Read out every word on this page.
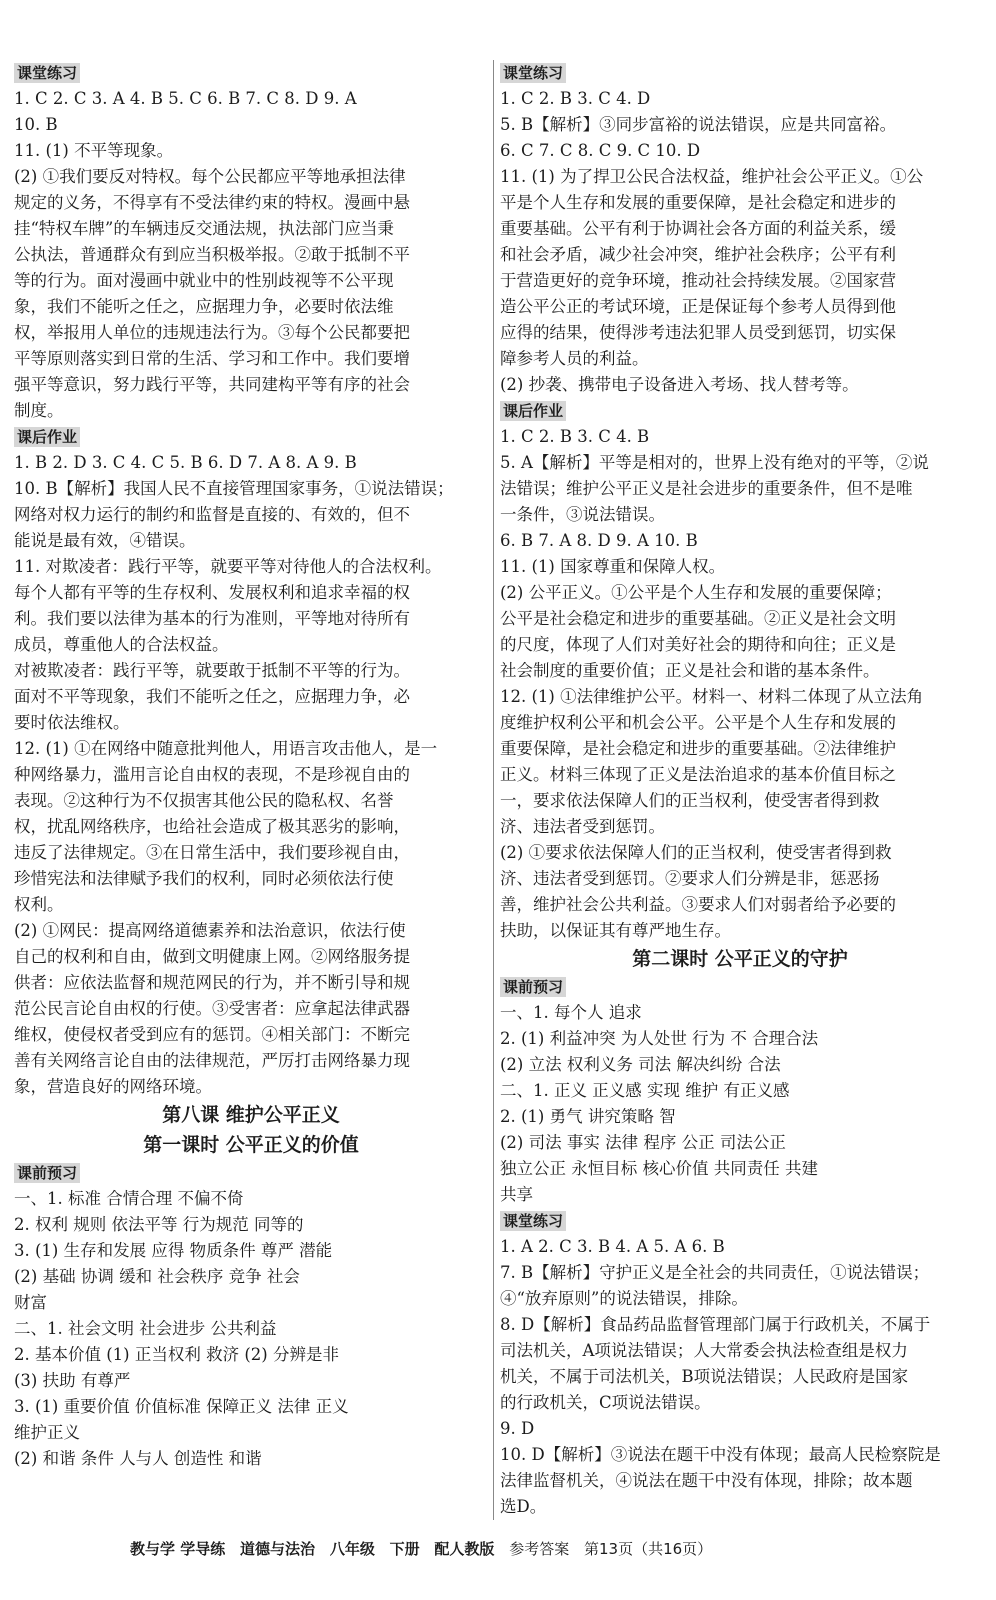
课堂练习
1. C 2. C 3. A 4. B 5. C 6. B 7. C 8. D 9. A
10. B
11. (1) 不平等现象。
(2) ①我们要反对特权。每个公民都应平等地承担法律
规定的义务，不得享有不受法律约束的特权。漫画中悬
挂“特权车牌”的车辆违反交通法规，执法部门应当秉
公执法，普通群众有到应当积极举报。②敢于抵制不平
等的行为。面对漫画中就业中的性别歧视等不公平现
象，我们不能听之任之，应据理力争，必要时依法维
权，举报用人单位的违规违法行为。③每个公民都要把
平等原则落实到日常的生活、学习和工作中。我们要增
强平等意识，努力践行平等，共同建构平等有序的社会
制度。
课后作业
1. B 2. D 3. C 4. C 5. B 6. D 7. A 8. A 9. B
10. B【解析】我国人民不直接管理国家事务，①说法错误；
网络对权力运行的制约和监督是直接的、有效的，但不
能说是最有效，④错误。
11. 对欺凌者：践行平等，就要平等对待他人的合法权利。
每个人都有平等的生存权利、发展权利和追求幸福的权
利。我们要以法律为基本的行为准则，平等地对待所有
成员，尊重他人的合法权益。
对被欺凌者：践行平等，就要敢于抵制不平等的行为。
面对不平等现象，我们不能听之任之，应据理力争，必
要时依法维权。
12. (1) ①在网络中随意批判他人，用语言攻击他人，是一
种网络暴力，滥用言论自由权的表现，不是珍视自由的
表现。②这种行为不仅损害其他公民的隐私权、名誉
权，扰乱网络秩序，也给社会造成了极其恶劣的影响，
违反了法律规定。③在日常生活中，我们要珍视自由，
珍惜宪法和法律赋予我们的权利，同时必须依法行使
权利。
(2) ①网民：提高网络道德素养和法治意识，依法行使
自己的权利和自由，做到文明健康上网。②网络服务提
供者：应依法监督和规范网民的行为，并不断引导和规
范公民言论自由权的行使。③受害者：应拿起法律武器
维权，使侵权者受到应有的惩罚。④相关部门：不断完
善有关网络言论自由的法律规范，严厉打击网络暴力现
象，营造良好的网络环境。
第八课 维护公平正义
第一课时 公平正义的价值
课前预习
一、1. 标准 合情合理 不偏不倚
2. 权利 规则 依法平等 行为规范 同等的
3. (1) 生存和发展 应得 物质条件 尊严 潜能
(2) 基础 协调 缓和 社会秩序 竞争 社会
财富
二、1. 社会文明 社会进步 公共利益
2. 基本价值 (1) 正当权利 救济 (2) 分辨是非
(3) 扶助 有尊严
3. (1) 重要价值 价值标准 保障正义 法律 正义
维护正义
(2) 和谐 条件 人与人 创造性 和谐
课堂练习
1. C 2. B 3. C 4. D
5. B【解析】③同步富裕的说法错误，应是共同富裕。
6. C 7. C 8. C 9. C 10. D
11. (1) 为了捍卫公民合法权益，维护社会公平正义。①公
平是个人生存和发展的重要保障，是社会稳定和进步的
重要基础。公平有利于协调社会各方面的利益关系，缓
和社会矛盾，减少社会冲突，维护社会秩序；公平有利
于营造更好的竞争环境，推动社会持续发展。②国家营
造公平公正的考试环境，正是保证每个参考人员得到他
应得的结果，使得涉考违法犯罪人员受到惩罚，切实保
障参考人员的利益。
(2) 抄袭、携带电子设备进入考场、找人替考等。
课后作业
1. C 2. B 3. C 4. B
5. A【解析】平等是相对的，世界上没有绝对的平等，②说
法错误；维护公平正义是社会进步的重要条件，但不是唯
一条件，③说法错误。
6. B 7. A 8. D 9. A 10. B
11. (1) 国家尊重和保障人权。
(2) 公平正义。①公平是个人生存和发展的重要保障；
公平是社会稳定和进步的重要基础。②正义是社会文明
的尺度，体现了人们对美好社会的期待和向往；正义是
社会制度的重要价值；正义是社会和谐的基本条件。
12. (1) ①法律维护公平。材料一、材料二体现了从立法角
度维护权利公平和机会公平。公平是个人生存和发展的
重要保障，是社会稳定和进步的重要基础。②法律维护
正义。材料三体现了正义是法治追求的基本价值目标之
一，要求依法保障人们的正当权利，使受害者得到救
济、违法者受到惩罚。
(2) ①要求依法保障人们的正当权利，使受害者得到救
济、违法者受到惩罚。②要求人们分辨是非，惩恶扬
善，维护社会公共利益。③要求人们对弱者给予必要的
扶助，以保证其有尊严地生存。
第二课时 公平正义的守护
课前预习
一、1. 每个人 追求
2. (1) 利益冲突 为人处世 行为 不 合理合法
(2) 立法 权利义务 司法 解决纠纷 合法
二、1. 正义 正义感 实现 维护 有正义感
2. (1) 勇气 讲究策略 智
(2) 司法 事实 法律 程序 公正 司法公正
独立公正 永恒目标 核心价值 共同责任 共建
共享
课堂练习
1. A 2. C 3. B 4. A 5. A 6. B
7. B【解析】守护正义是全社会的共同责任，①说法错误；
④“放弃原则”的说法错误，排除。
8. D【解析】食品药品监督管理部门属于行政机关，不属于
司法机关，A项说法错误；人大常委会执法检查组是权力
机关，不属于司法机关，B项说法错误；人民政府是国家
的行政机关，C项说法错误。
9. D
10. D【解析】③说法在题干中没有体现；最高人民检察院是
法律监督机关，④说法在题干中没有体现，排除；故本题
选D。
教与学 学导练 道德与法治 八年级 下册 配人教版 参考答案 第13页（共16页）
